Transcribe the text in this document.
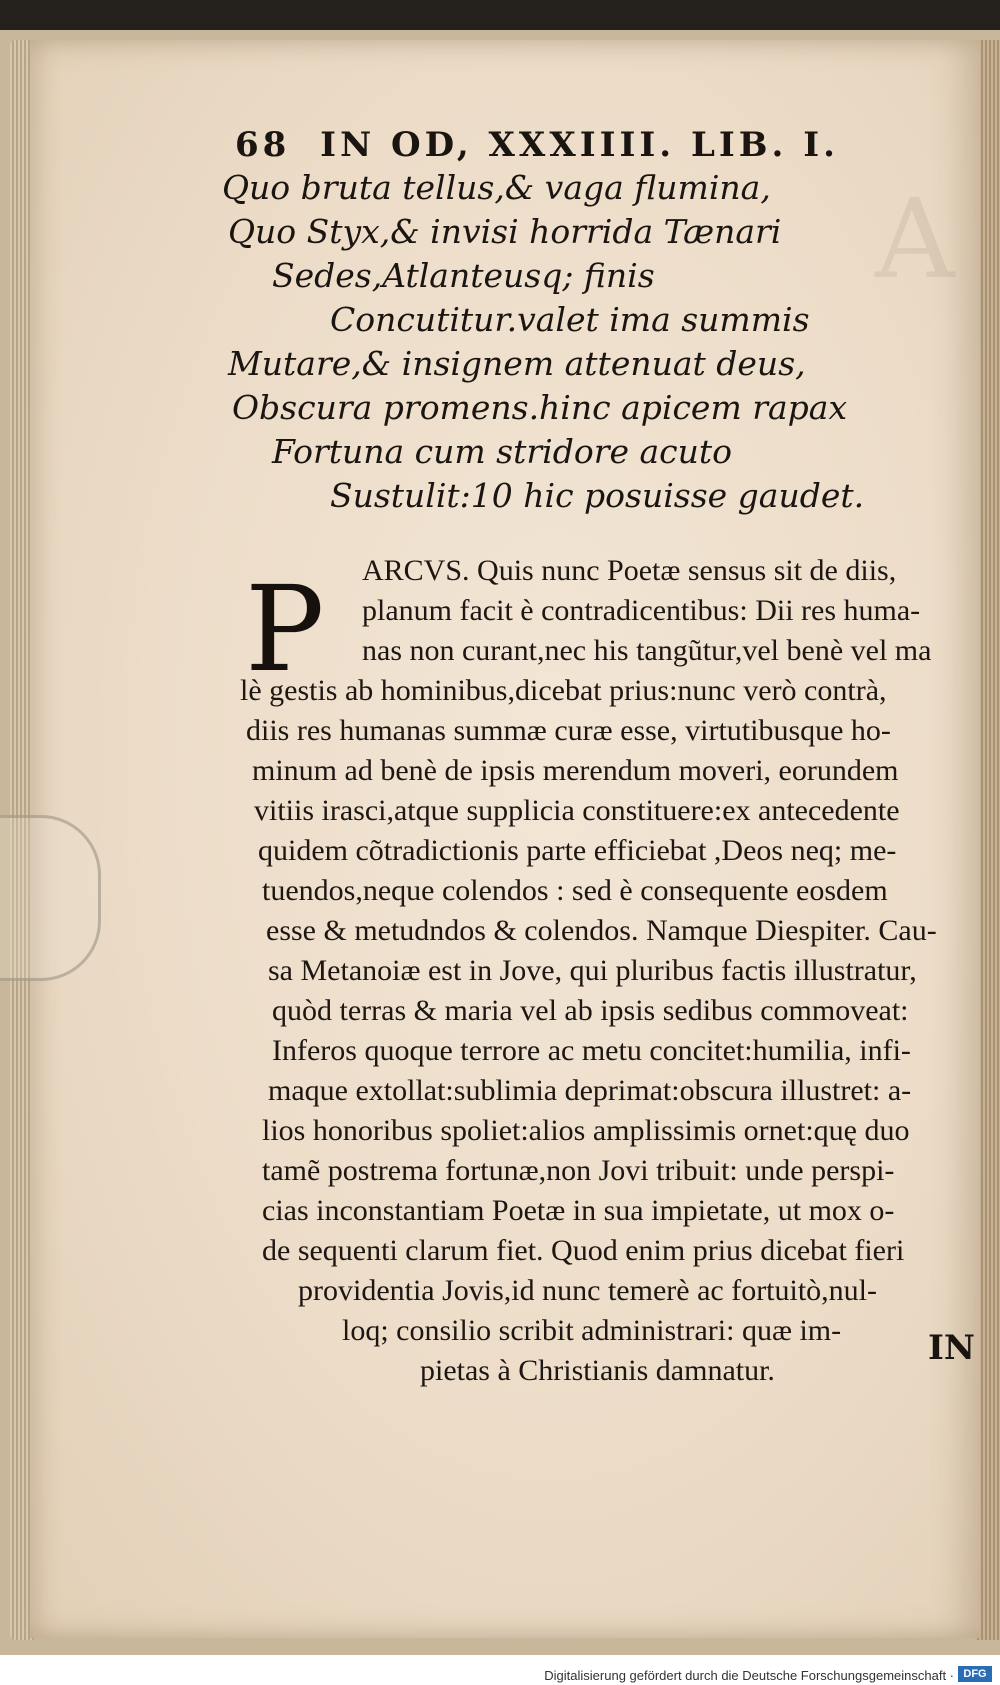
A
68 IN OD, XXXIIII. LIB. I.
Quo bruta tellus,& vaga flumina,
Quo Styx,& invisi horrida Tænari
Sedes,Atlanteusq; finis
Concutitur.valet ima summis
Mutare,& insignem attenuat deus,
Obscura promens.hinc apicem rapax
Fortuna cum stridore acuto
Sustulit:10 hic posuisse gaudet.
P ARCVS. Quis nunc Poetæ sensus sit de diis,
planum facit è contradicentibus: Dii res huma-
nas non curant,nec his tangũtur,vel benè vel ma
lè gestis ab hominibus,dicebat prius:nunc verò contrà,
diis res humanas summæ curæ esse, virtutibusque ho-
minum ad benè de ipsis merendum moveri, eorundem
vitiis irasci,atque supplicia constituere:ex antecedente
quidem cõtradictionis parte efficiebat ,Deos neq; me-
tuendos,neque colendos : sed è consequente eosdem
esse & metudndos & colendos. Namque Diespiter. Cau-
sa Metanoiæ est in Jove, qui pluribus factis illustratur,
quòd terras & maria vel ab ipsis sedibus commoveat:
Inferos quoque terrore ac metu concitet:humilia, infi-
maque extollat:sublimia deprimat:obscura illustret: a-
lios honoribus spoliet:alios amplissimis ornet:quę duo
tamẽ postrema fortunæ,non Jovi tribuit: unde perspi-
cias inconstantiam Poetæ in sua impietate, ut mox o-
de sequenti clarum fiet. Quod enim prius dicebat fieri
providentia Jovis,id nunc temerè ac fortuitò,nul-
loq; consilio scribit administrari: quæ im-
pietas à Christianis damnatur.
IN
Digitalisierung gefördert durch die Deutsche Forschungsgemeinschaft · DFG
